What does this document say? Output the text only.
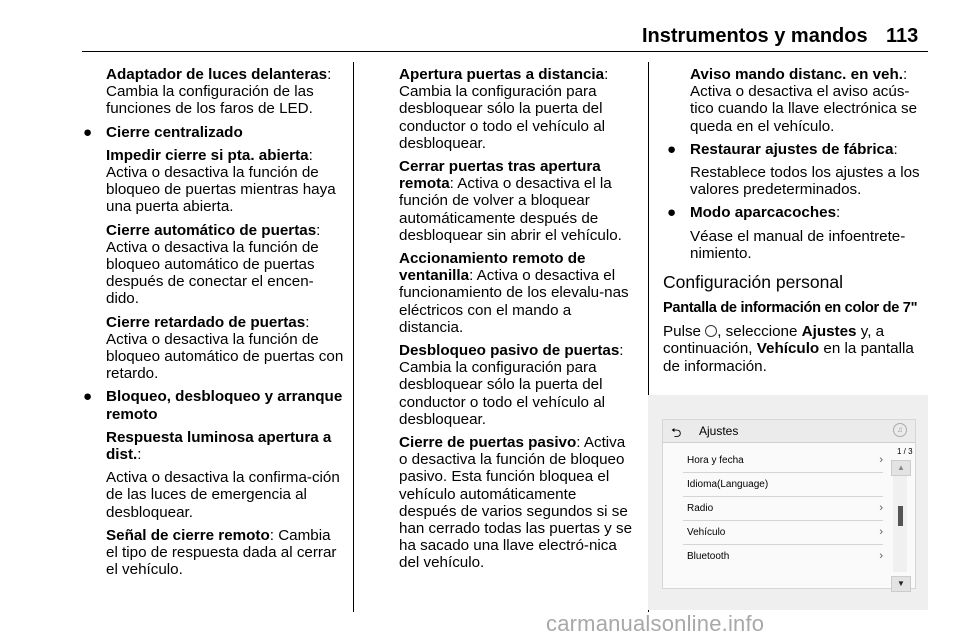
Instrumentos y mandos 113

Adaptador de luces delanteras: Cambia la configuración de las funciones de los faros de LED.

● Cierre centralizado

Impedir cierre si pta. abierta: Activa o desactiva la función de bloqueo de puertas mientras haya una puerta abierta.

Cierre automático de puertas: Activa o desactiva la función de bloqueo automático de puertas después de conectar el encen-dido.

Cierre retardado de puertas: Activa o desactiva la función de bloqueo automático de puertas con retardo.

● Bloqueo, desbloqueo y arranque remoto

Respuesta luminosa apertura a dist.:

Activa o desactiva la confirma-ción de las luces de emergencia al desbloquear.

Señal de cierre remoto: Cambia el tipo de respuesta dada al cerrar el vehículo.

Apertura puertas a distancia: Cambia la configuración para desbloquear sólo la puerta del conductor o todo el vehículo al desbloquear.

Cerrar puertas tras apertura remota: Activa o desactiva el la función de volver a bloquear automáticamente después de desbloquear sin abrir el vehículo.

Accionamiento remoto de ventanilla: Activa o desactiva el funcionamiento de los elevalu-nas eléctricos con el mando a distancia.

Desbloqueo pasivo de puertas: Cambia la configuración para desbloquear sólo la puerta del conductor o todo el vehículo al desbloquear.

Cierre de puertas pasivo: Activa o desactiva la función de bloqueo pasivo. Esta función bloquea el vehículo automáticamente después de varios segundos si se han cerrado todas las puertas y se ha sacado una llave electró-nica del vehículo.

Aviso mando distanc. en veh.: Activa o desactiva el aviso acús-tico cuando la llave electrónica se queda en el vehículo.

● Restaurar ajustes de fábrica:

Restablece todos los ajustes a los valores predeterminados.

● Modo aparcacoches:

Véase el manual de infoentrete-nimiento.

Configuración personal
Pantalla de información en color de 7"

Pulse , seleccione Ajustes y, a continuación, Vehículo en la pantalla de información.

⮌ Ajustes	♫
1 / 3
Hora y fecha	›
Idioma(Language)
Radio	›
Vehículo	›
Bluetooth	›
▲
▼
carmanualsonline.info
